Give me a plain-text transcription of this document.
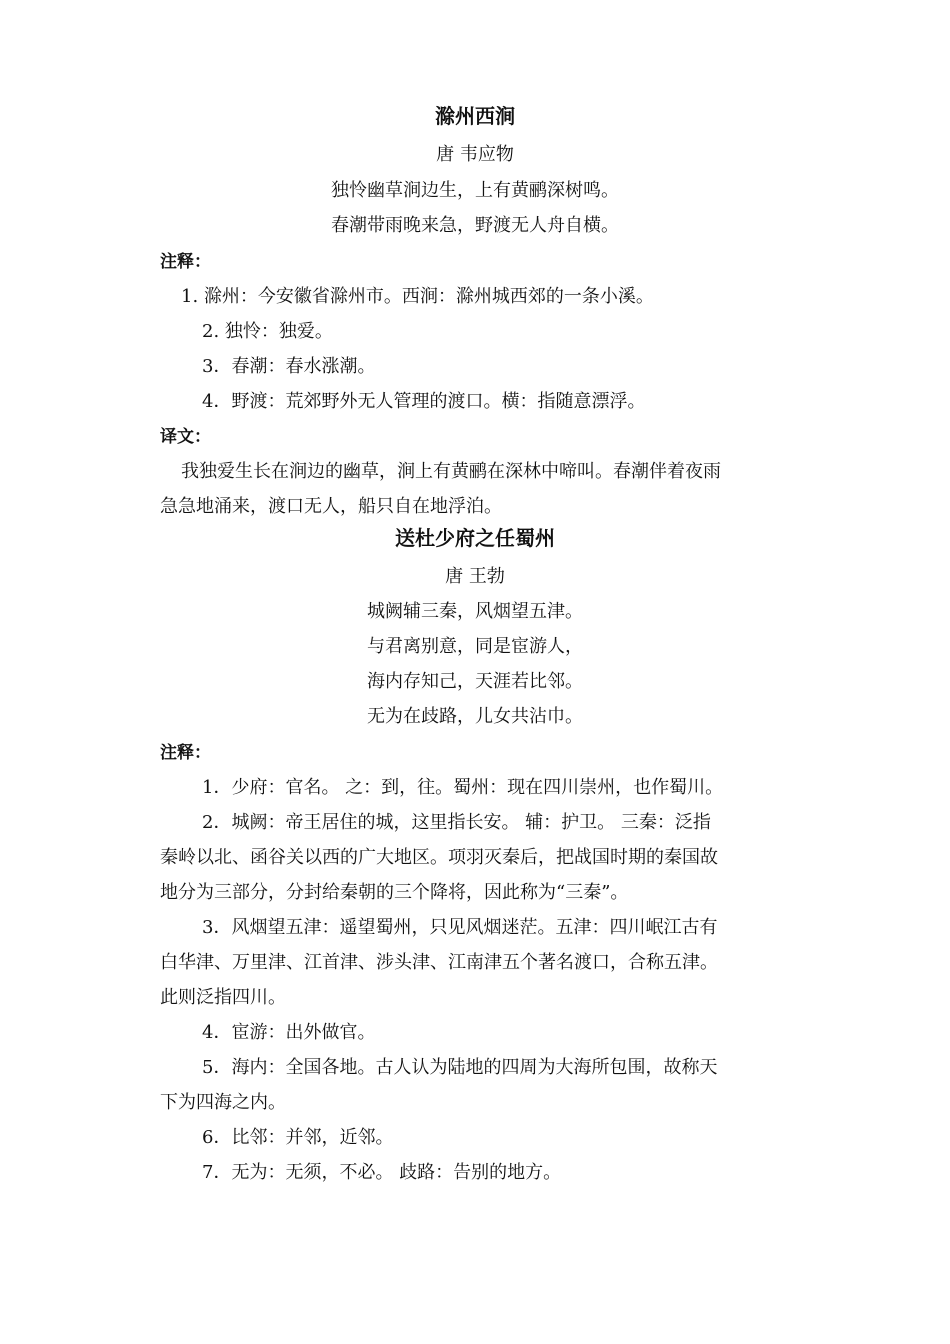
滁州西涧
唐 韦应物
独怜幽草涧边生，上有黄鹂深树鸣。
春潮带雨晚来急，野渡无人舟自横。
注释：
1. 滁州：今安徽省滁州市。西涧：滁州城西郊的一条小溪。
2. 独怜：独爱。
3．春潮：春水涨潮。
4．野渡：荒郊野外无人管理的渡口。横：指随意漂浮。
译文：
我独爱生长在涧边的幽草，涧上有黄鹂在深林中啼叫。春潮伴着夜雨
急急地涌来，渡口无人，船只自在地浮泊。
送杜少府之任蜀州
唐 王勃
城阙辅三秦，风烟望五津。
与君离别意，同是宦游人，
海内存知己，天涯若比邻。
无为在歧路，儿女共沾巾。
注释：
1．少府：官名。 之：到，往。蜀州：现在四川崇州，也作蜀川。
2．城阙：帝王居住的城，这里指长安。 辅：护卫。 三秦：泛指
秦岭以北、函谷关以西的广大地区。项羽灭秦后，把战国时期的秦国故
地分为三部分，分封给秦朝的三个降将，因此称为“三秦”。
3．风烟望五津：遥望蜀州，只见风烟迷茫。五津：四川岷江古有
白华津、万里津、江首津、涉头津、江南津五个著名渡口，合称五津。
此则泛指四川。
4．宦游：出外做官。
5．海内：全国各地。古人认为陆地的四周为大海所包围，故称天
下为四海之内。
6．比邻：并邻，近邻。
7．无为：无须，不必。 歧路：告别的地方。
